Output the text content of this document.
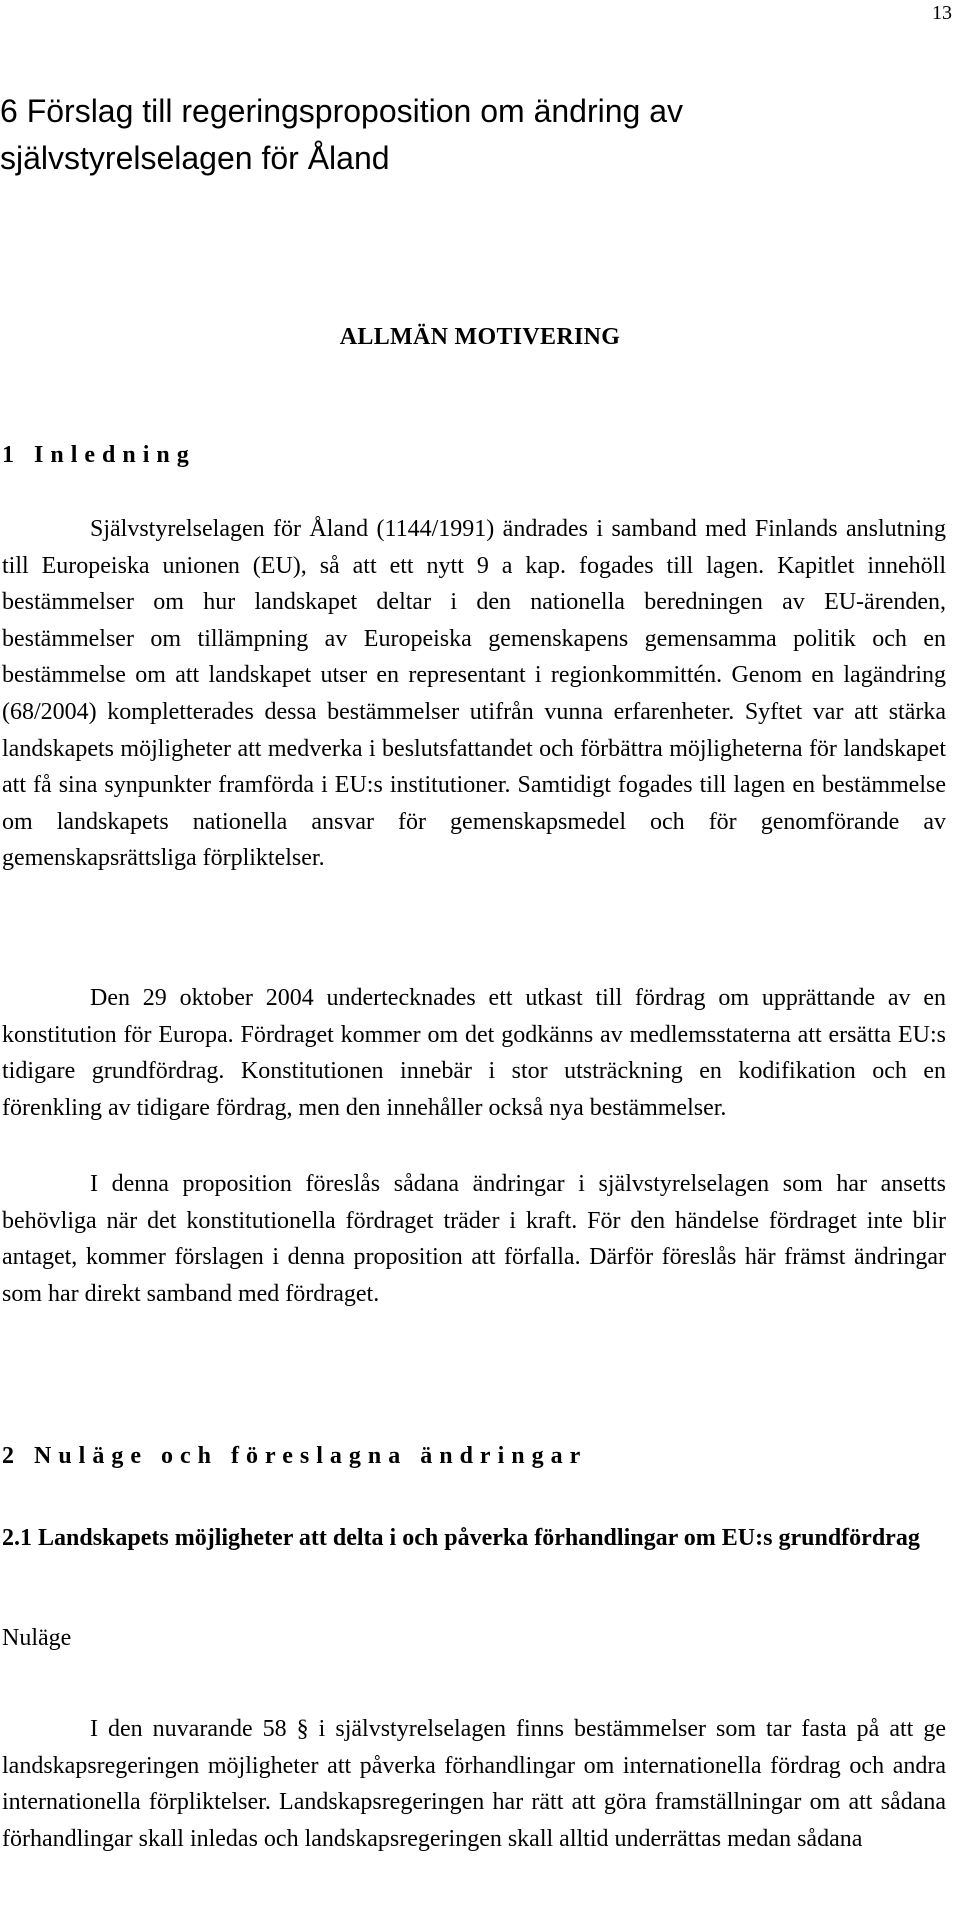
13
6 Förslag till regeringsproposition om ändring av självstyrelselagen för Åland
ALLMÄN MOTIVERING
1 Inledning

Självstyrelselagen för Åland (1144/1991) ändrades i samband med Finlands anslutning till Europeiska unionen (EU), så att ett nytt 9 a kap. fogades till lagen. Kapitlet innehöll bestämmelser om hur landskapet deltar i den nationella beredningen av EU-ärenden, bestämmelser om tillämpning av Europeiska gemenskapens gemensamma politik och en bestämmelse om att landskapet utser en representant i regionkommittén. Genom en lagändring (68/2004) kompletterades dessa bestämmelser utifrån vunna erfarenheter. Syftet var att stärka landskapets möjligheter att medverka i beslutsfattandet och förbättra möjligheterna för landskapet att få sina synpunkter framförda i EU:s institutioner. Samtidigt fogades till lagen en bestämmelse om landskapets nationella ansvar för gemenskapsmedel och för genomförande av gemenskapsrättsliga förpliktelser.

Den 29 oktober 2004 undertecknades ett utkast till fördrag om upprättande av en konstitution för Europa. Fördraget kommer om det godkänns av medlemsstaterna att ersätta EU:s tidigare grundfördrag. Konstitutionen innebär i stor utsträckning en kodifikation och en förenkling av tidigare fördrag, men den innehåller också nya bestämmelser.

I denna proposition föreslås sådana ändringar i självstyrelselagen som har ansetts behövliga när det konstitutionella fördraget träder i kraft. För den händelse fördraget inte blir antaget, kommer förslagen i denna proposition att förfalla. Därför föreslås här främst ändringar som har direkt samband med fördraget.

2 Nuläge och föreslagna ändringar
2.1 Landskapets möjligheter att delta i och påverka förhandlingar om EU:s grundfördrag
Nuläge

I den nuvarande 58 § i självstyrelselagen finns bestämmelser som tar fasta på att ge landskapsregeringen möjligheter att påverka förhandlingar om internationella fördrag och andra internationella förpliktelser. Landskapsregeringen har rätt att göra framställningar om att sådana förhandlingar skall inledas och landskapsregeringen skall alltid underrättas medan sådana
